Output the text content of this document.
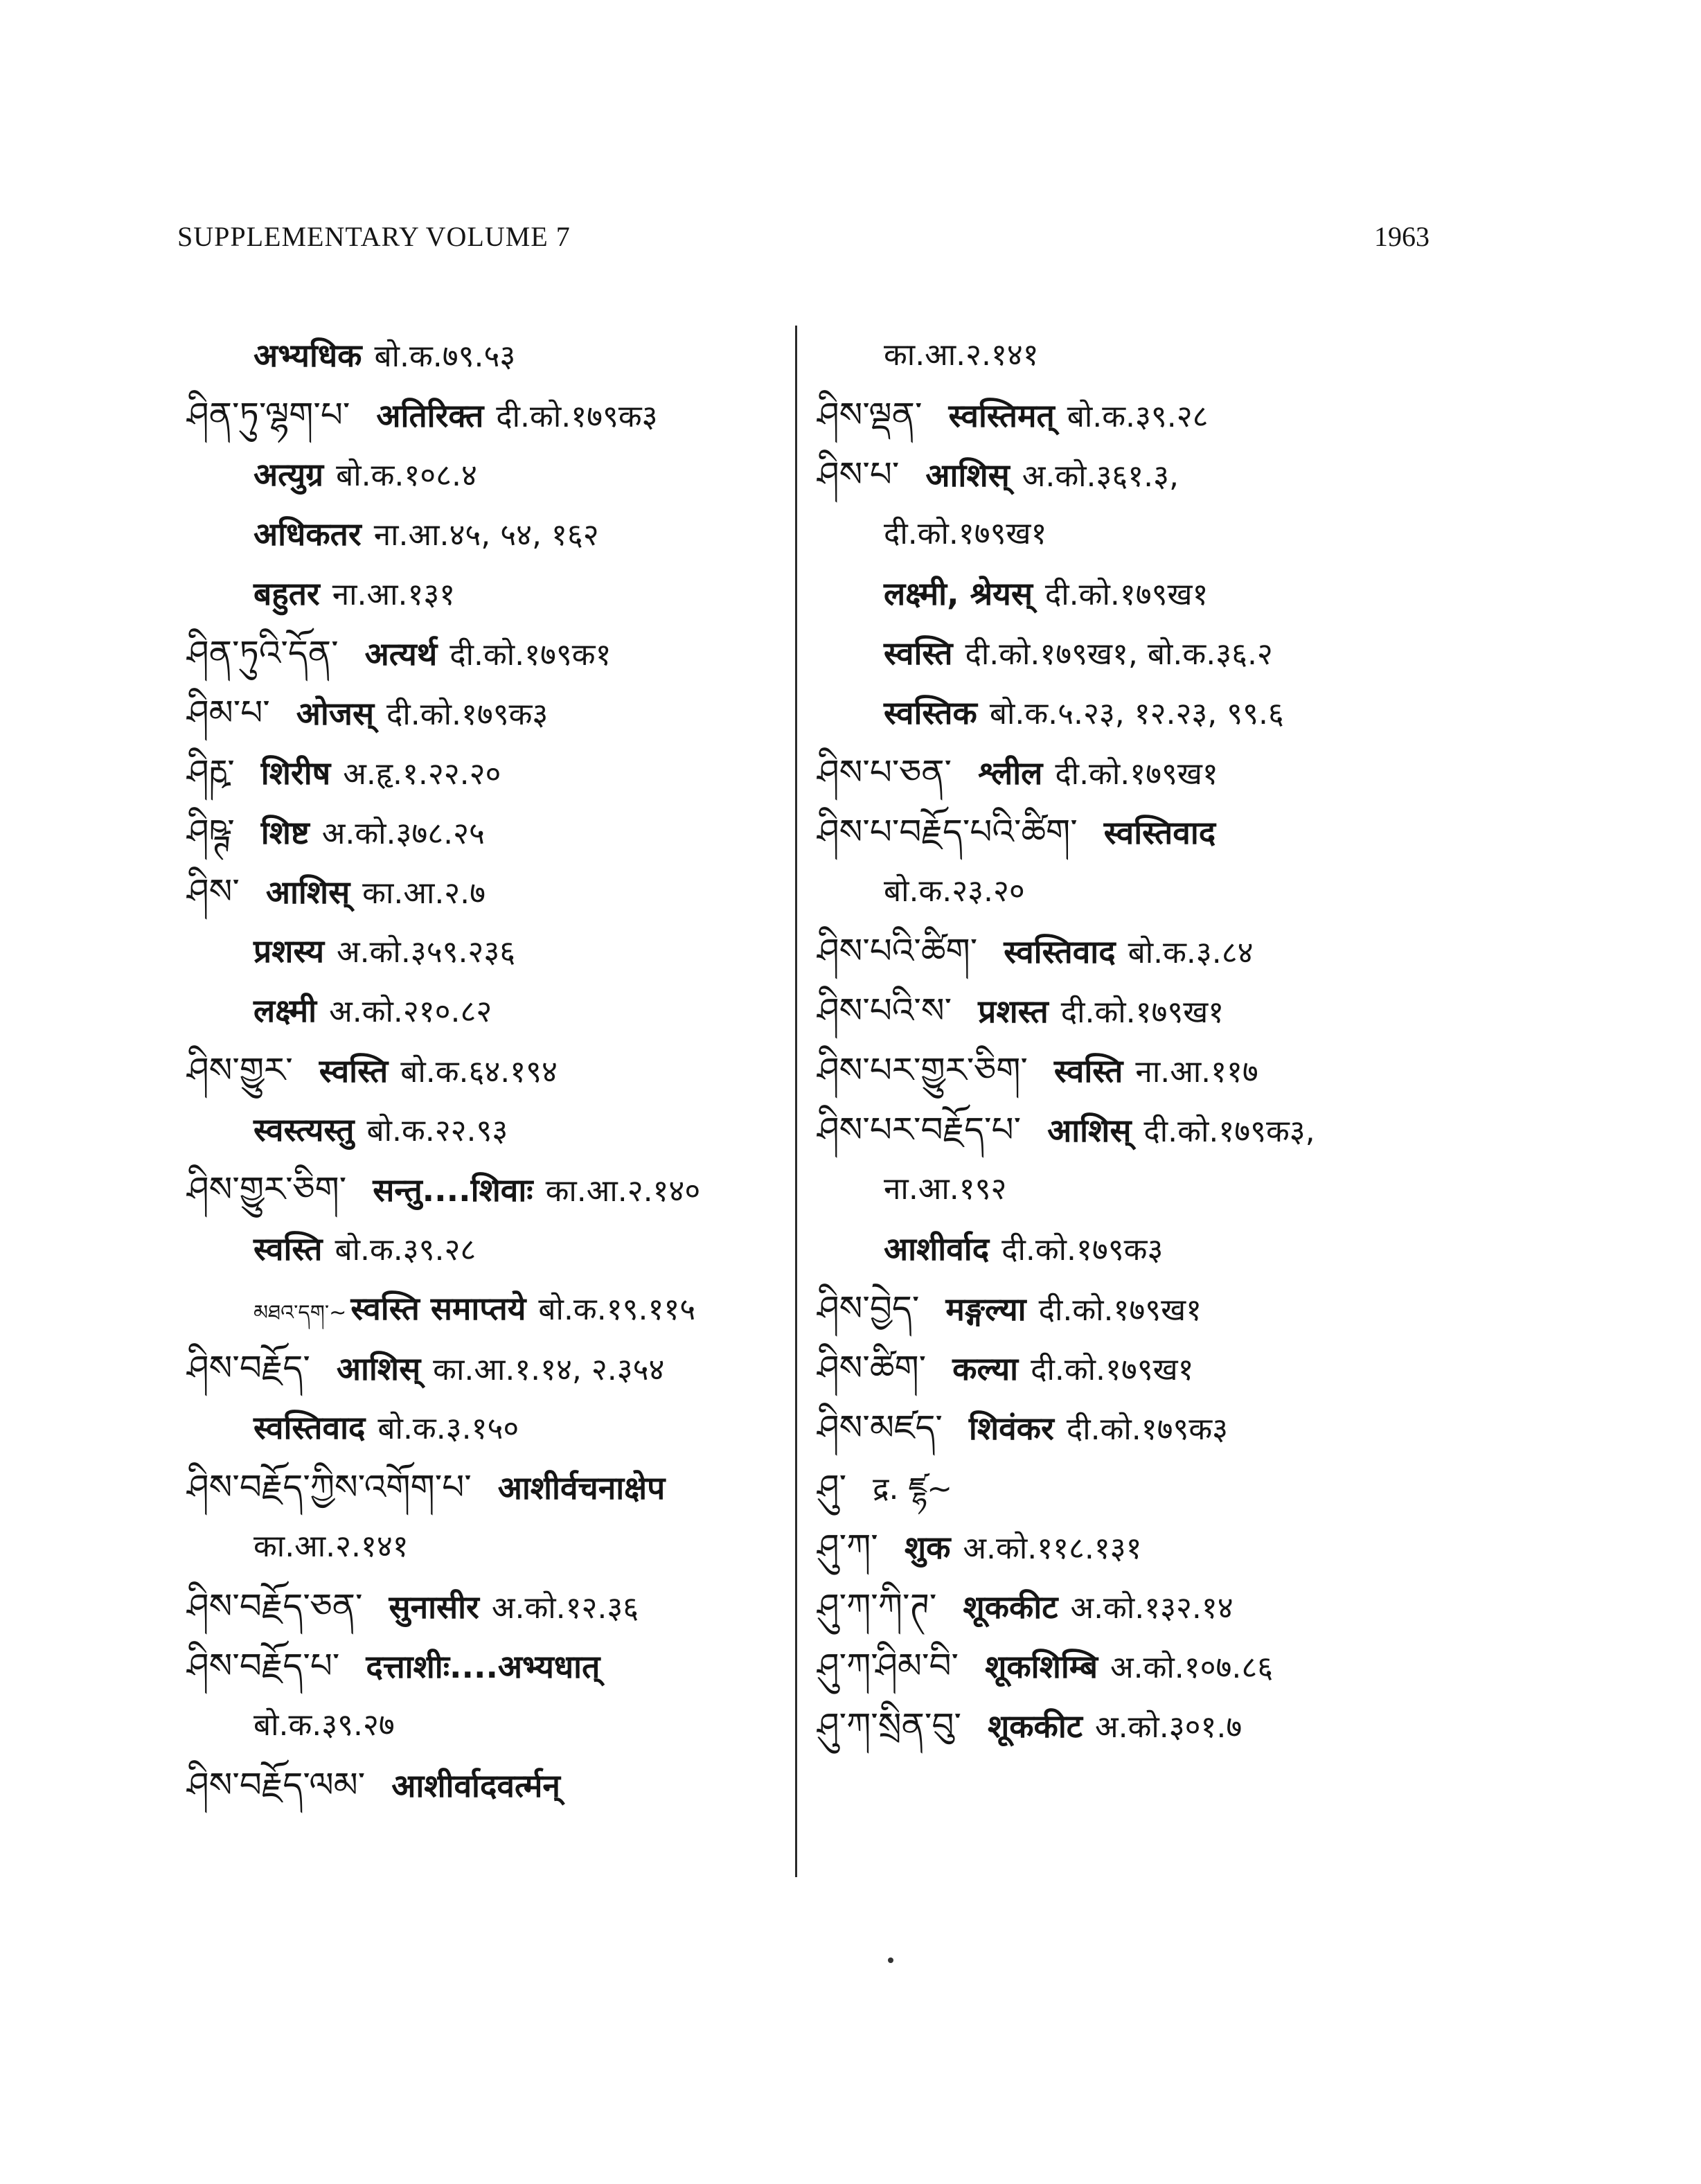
SUPPLEMENTARY VOLUME 7	1963
अभ्यधिक बो.क.७९.५३
ཤིན་ཏུ་ལྷག་པ་ अतिरिक्त दी.को.१७९क३
अत्युग्र बो.क.१०८.४
अधिकतर ना.आ.४५, ५४, १६२
बहुतर ना.आ.१३१
ཤིན་ཏུའི་དོན་ अत्यर्थ दी.को.१७९क१
ཤིམ་པ་ ओजस् दी.को.१७९क३
ཤིརྵ་ शिरीष अ.हृ.१.२२.२०
ཤིཥྚ་ शिष्ट अ.को.३७८.२५
ཤིས་ आशिस् का.आ.२.७
प्रशस्य अ.को.३५९.२३६
लक्ष्मी अ.को.२१०.८२
ཤིས་གྱུར་ स्वस्ति बो.क.६४.१९४
स्वस्त्यस्तु बो.क.२२.९३
ཤིས་གྱུར་ཅིག་ सन्तु....शिवाः का.आ.२.१४०
स्वस्ति बो.क.३९.२८
མཐའ་དག་~ स्वस्ति समाप्तये बो.क.१९.११५
ཤིས་བརྗོད་ आशिस् का.आ.१.१४, २.३५४
स्वस्तिवाद बो.क.३.१५०
ཤིས་བརྗོད་ཀྱིས་འགོག་པ་ आशीर्वचनाक्षेप
का.आ.२.१४१
ཤིས་བརྗོད་ཅན་ सुनासीर अ.को.१२.३६
ཤིས་བརྗོད་པ་ दत्ताशीः....अभ्यधात्
बो.क.३९.२७
ཤིས་བརྗོད་ལམ་ आशीर्वादवर्त्मन्
का.आ.२.१४१
ཤིས་ལྡན་ स्वस्तिमत् बो.क.३९.२८
ཤིས་པ་ आशिस् अ.को.३६१.३,
दी.को.१७९ख१
लक्ष्मी, श्रेयस् दी.को.१७९ख१
स्वस्ति दी.को.१७९ख१, बो.क.३६.२
स्वस्तिक बो.क.५.२३, १२.२३, ९९.६
ཤིས་པ་ཅན་ श्लील दी.को.१७९ख१
ཤིས་པ་བརྗོད་པའི་ཚིག་ स्वस्तिवाद
बो.क.२३.२०
ཤིས་པའི་ཚིག་ स्वस्तिवाद बो.क.३.८४
ཤིས་པའི་ས་ प्रशस्त दी.को.१७९ख१
ཤིས་པར་གྱུར་ཅིག་ स्वस्ति ना.आ.११७
ཤིས་པར་བརྗོད་པ་ आशिस् दी.को.१७९क३,
ना.आ.१९२
आशीर्वाद दी.को.१७९क३
ཤིས་བྱེད་ मङ्गल्या दी.को.१७९ख१
ཤིས་ཚིག་ कल्या दी.को.१७९ख१
ཤིས་མཛད་ शिवंकर दी.को.१७९क३
ཤུ་ द्र. ཛྷ~
ཤུ་ཀ་ शुक अ.को.११८.१३१
ཤུ་ཀ་ཀི་ཊ་ शूककीट अ.को.१३२.१४
ཤུ་ཀ་ཤིམ་བི་ शूकशिम्बि अ.को.१०७.८६
ཤུ་ཀ་སྲིན་བུ་ शूककीट अ.को.३०१.७
